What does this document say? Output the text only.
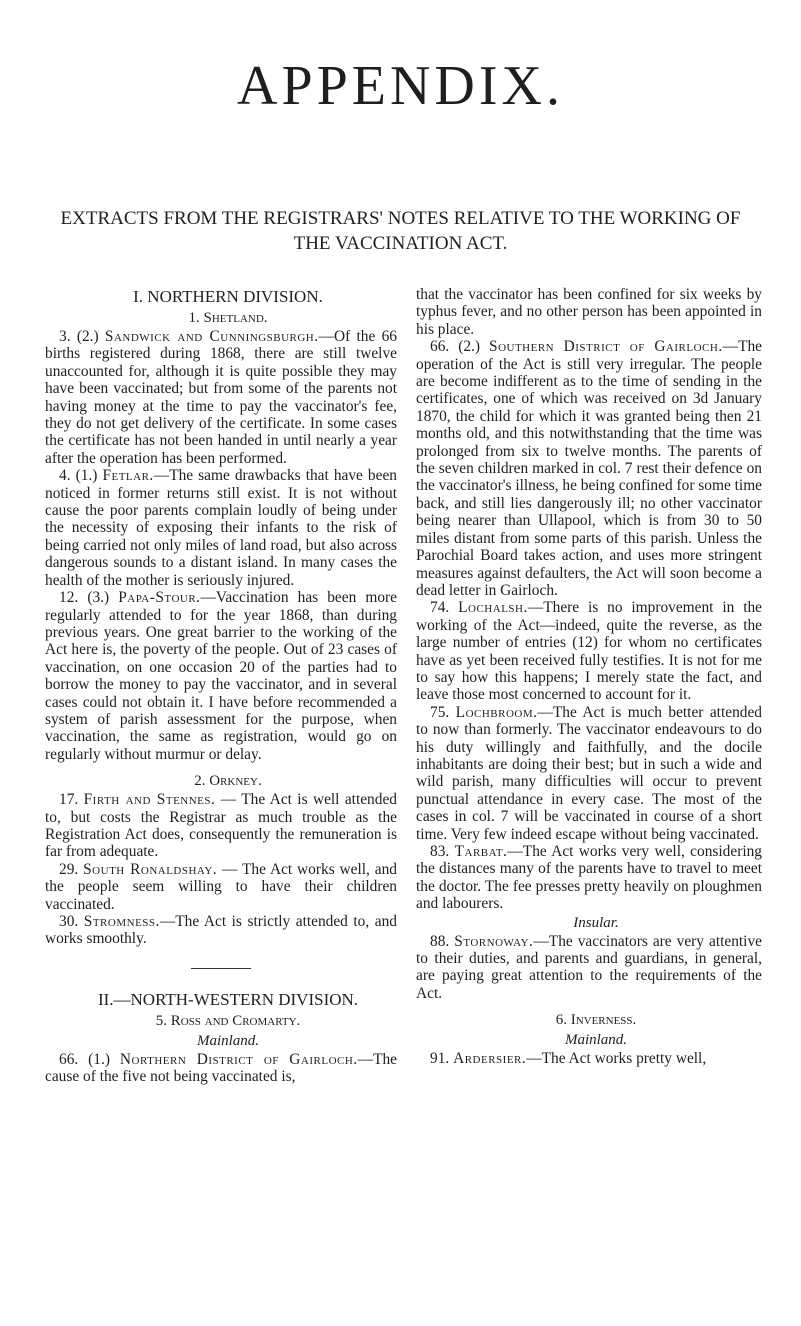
APPENDIX.
EXTRACTS FROM THE REGISTRARS' NOTES RELATIVE TO THE WORKING OF THE VACCINATION ACT.

I. NORTHERN DIVISION.

1. Shetland.

3. (2.) Sandwick and Cunningsburgh.—Of the 66 births registered during 1868, there are still twelve unaccounted for, although it is quite possible they may have been vaccinated; but from some of the parents not having money at the time to pay the vaccinator's fee, they do not get delivery of the certificate. In some cases the certificate has not been handed in until nearly a year after the operation has been performed.

4. (1.) Fetlar.—The same drawbacks that have been noticed in former returns still exist. It is not without cause the poor parents complain loudly of being under the necessity of exposing their infants to the risk of being carried not only miles of land road, but also across dangerous sounds to a distant island. In many cases the health of the mother is seriously injured.

12. (3.) Papa-Stour.—Vaccination has been more regularly attended to for the year 1868, than during previous years. One great barrier to the working of the Act here is, the poverty of the people. Out of 23 cases of vaccination, on one occasion 20 of the parties had to borrow the money to pay the vaccinator, and in several cases could not obtain it. I have before recommended a system of parish assessment for the purpose, when vaccination, the same as registration, would go on regularly without murmur or delay.

2. Orkney.

17. Firth and Stennes. — The Act is well attended to, but costs the Registrar as much trouble as the Registration Act does, consequently the remuneration is far from adequate.

29. South Ronaldshay. — The Act works well, and the people seem willing to have their children vaccinated.

30. Stromness.—The Act is strictly attended to, and works smoothly.

II.—NORTH-WESTERN DIVISION.

5. Ross and Cromarty.

Mainland.

66. (1.) Northern District of Gairloch.—The cause of the five not being vaccinated is,

that the vaccinator has been confined for six weeks by typhus fever, and no other person has been appointed in his place.

66. (2.) Southern District of Gairloch.—The operation of the Act is still very irregular. The people are become indifferent as to the time of sending in the certificates, one of which was received on 3d January 1870, the child for which it was granted being then 21 months old, and this notwithstanding that the time was prolonged from six to twelve months. The parents of the seven children marked in col. 7 rest their defence on the vaccinator's illness, he being confined for some time back, and still lies dangerously ill; no other vaccinator being nearer than Ullapool, which is from 30 to 50 miles distant from some parts of this parish. Unless the Parochial Board takes action, and uses more stringent measures against defaulters, the Act will soon become a dead letter in Gairloch.

74. Lochalsh.—There is no improvement in the working of the Act—indeed, quite the reverse, as the large number of entries (12) for whom no certificates have as yet been received fully testifies. It is not for me to say how this happens; I merely state the fact, and leave those most concerned to account for it.

75. Lochbroom.—The Act is much better attended to now than formerly. The vaccinator endeavours to do his duty willingly and faithfully, and the docile inhabitants are doing their best; but in such a wide and wild parish, many difficulties will occur to prevent punctual attendance in every case. The most of the cases in col. 7 will be vaccinated in course of a short time. Very few indeed escape without being vaccinated.

83. Tarbat.—The Act works very well, considering the distances many of the parents have to travel to meet the doctor. The fee presses pretty heavily on ploughmen and labourers.

Insular.

88. Stornoway.—The vaccinators are very attentive to their duties, and parents and guardians, in general, are paying great attention to the requirements of the Act.

6. Inverness.

Mainland.

91. Ardersier.—The Act works pretty well,
